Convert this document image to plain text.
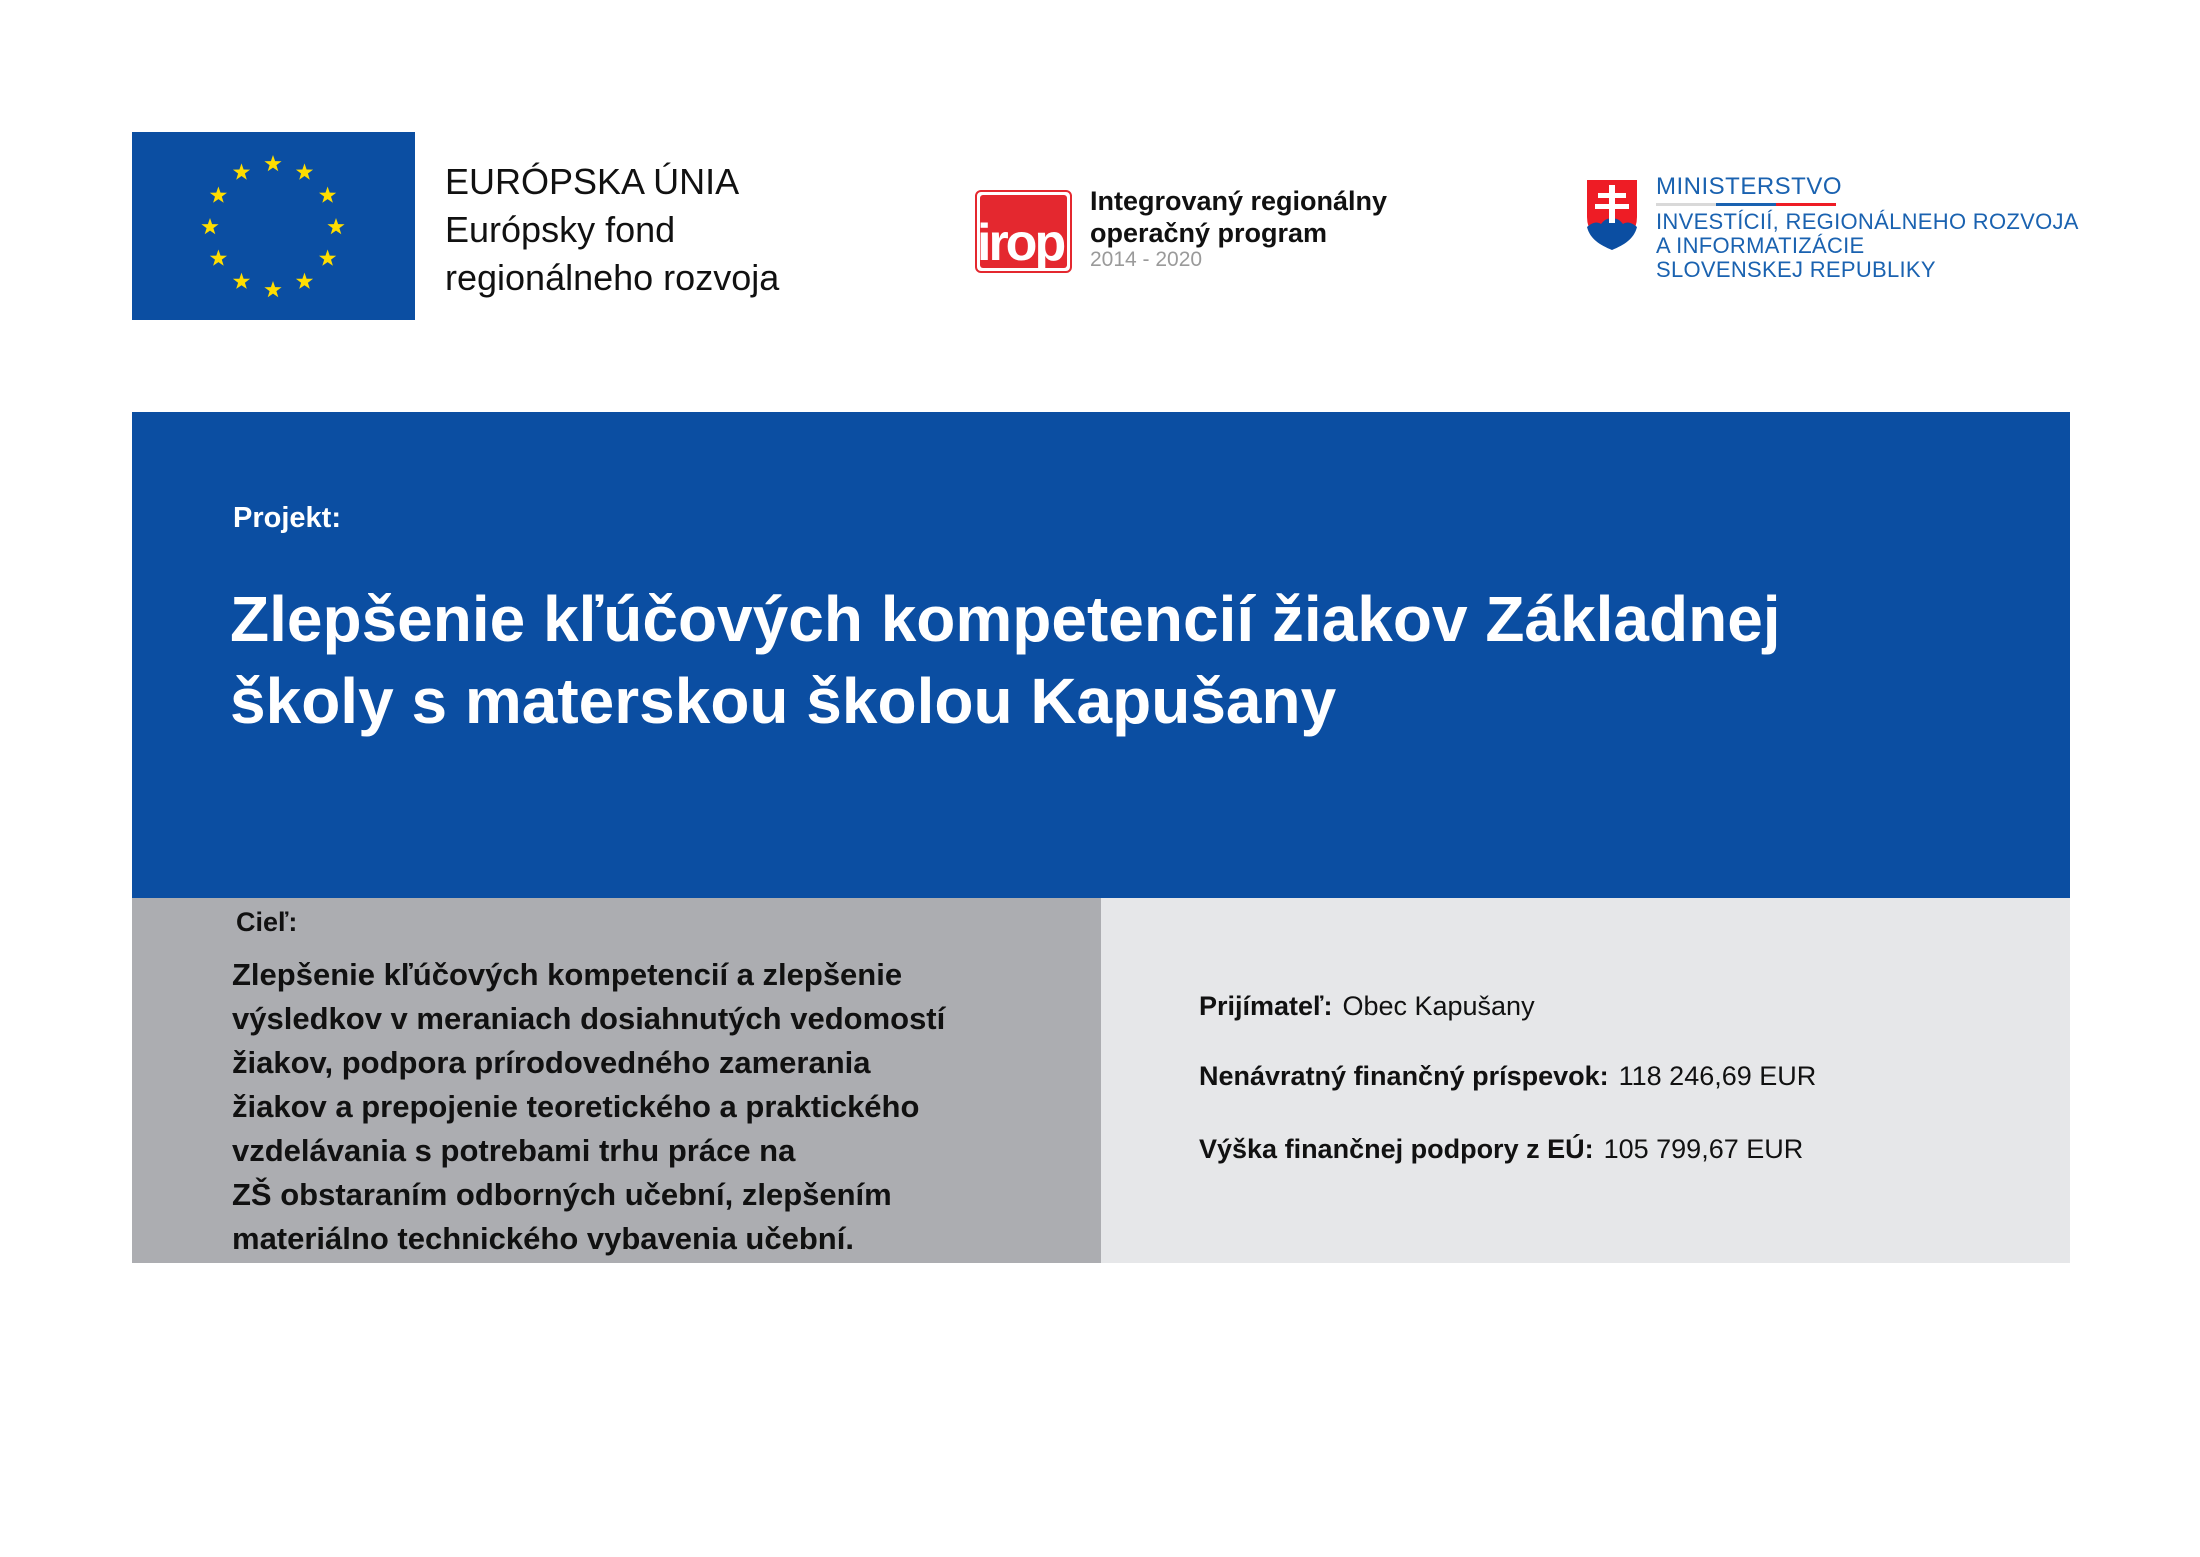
EURÓPSKA ÚNIA
Európsky fond
regionálneho rozvoja
irop
Integrovaný regionálny
operačný program
2014 - 2020
MINISTERSTVO
INVESTÍCIÍ, REGIONÁLNEHO ROZVOJA
A INFORMATIZÁCIE
SLOVENSKEJ REPUBLIKY
Projekt:
Zlepšenie kľúčových kompetencií žiakov Základnej
školy s materskou školou Kapušany
Cieľ:
Zlepšenie kľúčových kompetencií a zlepšenie
výsledkov v meraniach dosiahnutých vedomostí
žiakov, podpora prírodovedného zamerania
žiakov a prepojenie teoretického a praktického
vzdelávania s potrebami trhu práce na
ZŠ obstaraním odborných učební, zlepšením
materiálno technického vybavenia učební.
Prijímateľ: Obec Kapušany
Nenávratný finančný príspevok: 118 246,69 EUR
Výška finančnej podpory z EÚ: 105 799,67 EUR
